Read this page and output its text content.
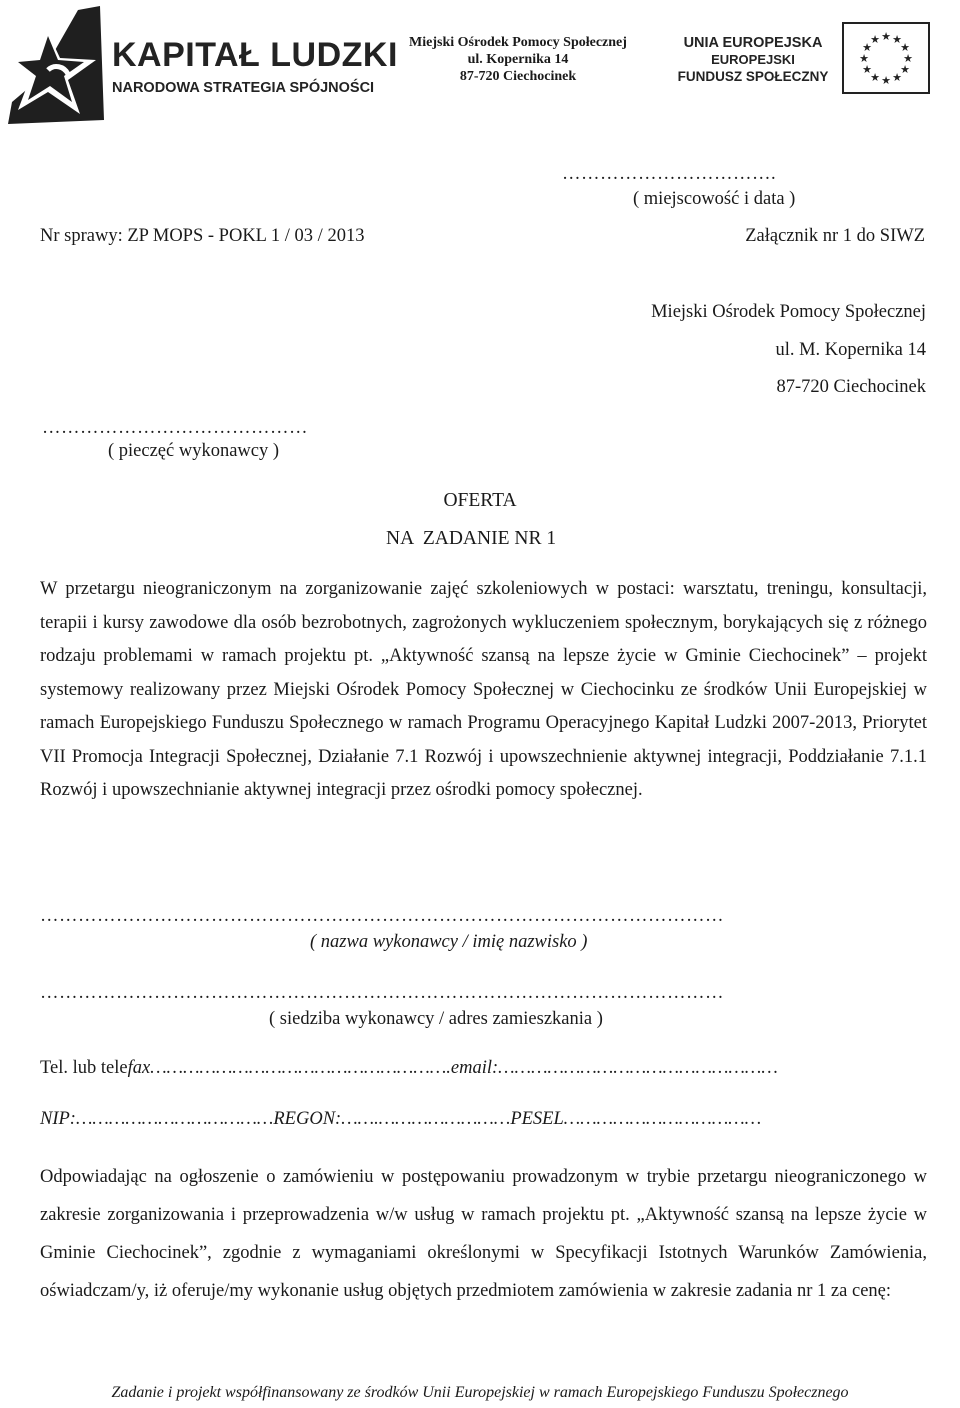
KAPITAŁ LUDZKI
NARODOWA STRATEGIA SPÓJNOŚCI
Miejski Ośrodek Pomocy Społecznej
ul. Kopernika 14
87-720 Ciechocinek
UNIA EUROPEJSKA
EUROPEJSKI
FUNDUSZ SPOŁECZNY
★ ★
★
★
★
★
★
★
★
★
★
★
…………………………….
( miejscowość i data )
Nr sprawy: ZP MOPS - POKL 1 / 03 / 2013	Załącznik nr 1 do SIWZ
Miejski Ośrodek Pomocy Społecznej
ul. M. Kopernika 14
87-720 Ciechocinek
……………………………………
( pieczęć wykonawcy )
OFERTA
NA  ZADANIE NR 1
W przetargu nieograniczonym na zorganizowanie zajęć szkoleniowych w postaci: warsztatu, treningu, konsultacji, terapii i kursy zawodowe dla osób bezrobotnych, zagrożonych wykluczeniem społecznym, borykających się z różnego rodzaju problemami w ramach projektu pt. „Aktywność szansą na lepsze życie w Gminie Ciechocinek” – projekt systemowy realizowany przez Miejski Ośrodek Pomocy Społecznej w Ciechocinku ze środków Unii Europejskiej w ramach Europejskiego Funduszu Społecznego w ramach Programu Operacyjnego Kapitał Ludzki 2007-2013, Priorytet VII Promocja Integracji Społecznej, Działanie 7.1 Rozwój i upowszechnienie aktywnej integracji, Poddziałanie 7.1.1 Rozwój i upowszechnianie aktywnej integracji przez ośrodki pomocy społecznej.
………………………………………………………………………………………………
( nazwa wykonawcy / imię nazwisko )
………………………………………………………………………………………………
( siedziba wykonawcy / adres zamieszkania )
Tel. lub telefax……………………………………………….email:……………………………………………
NIP:………………………………REGON:…….……………………PESEL………………………………
Odpowiadając na ogłoszenie o zamówieniu w postępowaniu prowadzonym w trybie przetargu nieograniczonego w zakresie zorganizowania i przeprowadzenia w/w usług w ramach projektu pt. „Aktywność szansą na lepsze życie w Gminie Ciechocinek”, zgodnie z wymaganiami określonymi w Specyfikacji Istotnych Warunków Zamówienia, oświadczam/y, iż oferuje/my wykonanie usług objętych przedmiotem zamówienia w zakresie zadania nr 1 za cenę:
Zadanie i projekt współfinansowany ze środków Unii Europejskiej w ramach Europejskiego Funduszu Społecznego
